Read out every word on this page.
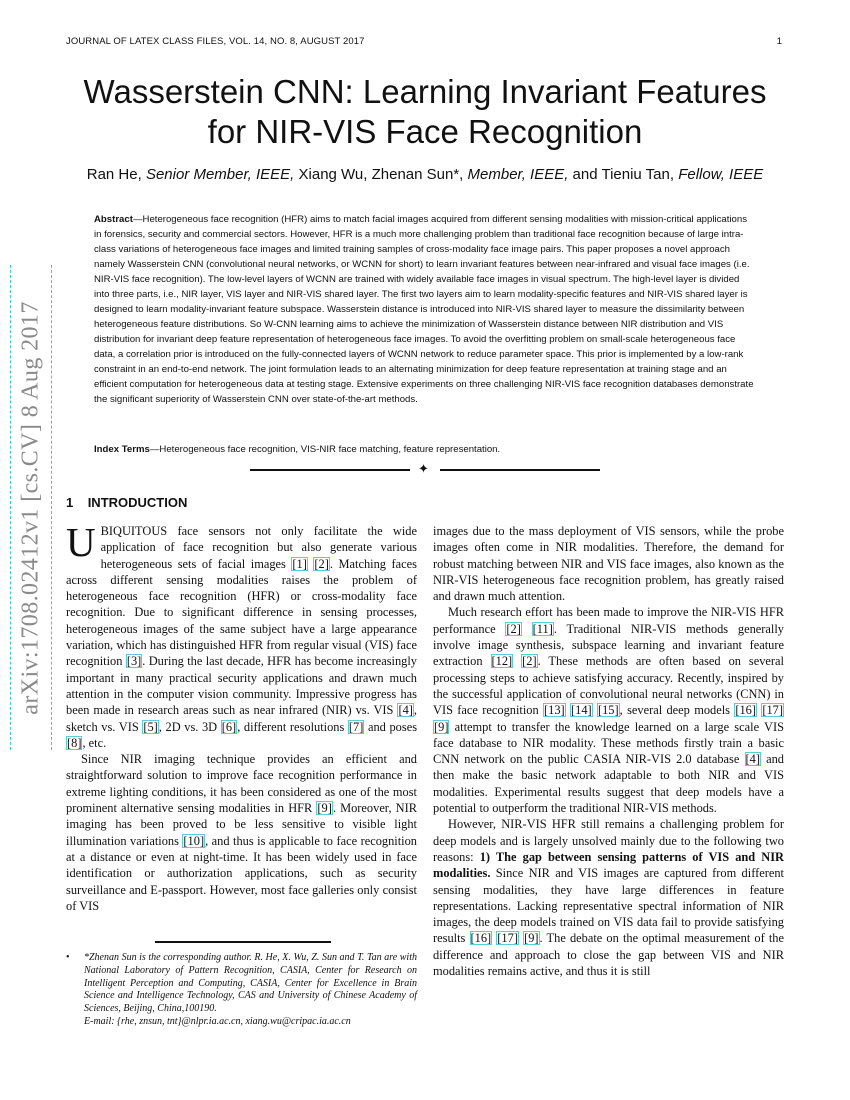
JOURNAL OF LATEX CLASS FILES, VOL. 14, NO. 8, AUGUST 2017	1
Wasserstein CNN: Learning Invariant Features for NIR-VIS Face Recognition
Ran He, Senior Member, IEEE, Xiang Wu, Zhenan Sun*, Member, IEEE, and Tieniu Tan, Fellow, IEEE

Abstract—Heterogeneous face recognition (HFR) aims to match facial images acquired from different sensing modalities with mission-critical applications in forensics, security and commercial sectors. However, HFR is a much more challenging problem than traditional face recognition because of large intra-class variations of heterogeneous face images and limited training samples of cross-modality face image pairs. This paper proposes a novel approach namely Wasserstein CNN (convolutional neural networks, or WCNN for short) to learn invariant features between near-infrared and visual face images (i.e. NIR-VIS face recognition). The low-level layers of WCNN are trained with widely available face images in visual spectrum. The high-level layer is divided into three parts, i.e., NIR layer, VIS layer and NIR-VIS shared layer. The first two layers aim to learn modality-specific features and NIR-VIS shared layer is designed to learn modality-invariant feature subspace. Wasserstein distance is introduced into NIR-VIS shared layer to measure the dissimilarity between heterogeneous feature distributions. So W-CNN learning aims to achieve the minimization of Wasserstein distance between NIR distribution and VIS distribution for invariant deep feature representation of heterogeneous face images. To avoid the overfitting problem on small-scale heterogeneous face data, a correlation prior is introduced on the fully-connected layers of WCNN network to reduce parameter space. This prior is implemented by a low-rank constraint in an end-to-end network. The joint formulation leads to an alternating minimization for deep feature representation at training stage and an efficient computation for heterogeneous data at testing stage. Extensive experiments on three challenging NIR-VIS face recognition databases demonstrate the significant superiority of Wasserstein CNN over state-of-the-art methods.

Index Terms—Heterogeneous face recognition, VIS-NIR face matching, feature representation.

✦
arXiv:1708.02412v1 [cs.CV] 8 Aug 2017 1 INTRODUCTION

UBIQUITOUS face sensors not only facilitate the wide application of face recognition but also generate various heterogeneous sets of facial images [1] [2]. Matching faces across different sensing modalities raises the problem of heterogeneous face recognition (HFR) or cross-modality face recognition. Due to significant difference in sensing processes, heterogeneous images of the same subject have a large appearance variation, which has distinguished HFR from regular visual (VIS) face recognition [3]. During the last decade, HFR has become increasingly important in many practical security applications and drawn much attention in the computer vision community. Impressive progress has been made in research areas such as near infrared (NIR) vs. VIS [4], sketch vs. VIS [5], 2D vs. 3D [6], different resolutions [7] and poses [8], etc.

Since NIR imaging technique provides an efficient and straightforward solution to improve face recognition performance in extreme lighting conditions, it has been considered as one of the most prominent alternative sensing modalities in HFR [9]. Moreover, NIR imaging has been proved to be less sensitive to visible light illumination variations [10], and thus is applicable to face recognition at a distance or even at night-time. It has been widely used in face identification or authorization applications, such as security surveillance and E-passport. However, most face galleries only consist of VIS

images due to the mass deployment of VIS sensors, while the probe images often come in NIR modalities. Therefore, the demand for robust matching between NIR and VIS face images, also known as the NIR-VIS heterogeneous face recognition problem, has greatly raised and drawn much attention.

Much research effort has been made to improve the NIR-VIS HFR performance [2] [11]. Traditional NIR-VIS methods generally involve image synthesis, subspace learning and invariant feature extraction [12] [2]. These methods are often based on several processing steps to achieve satisfying accuracy. Recently, inspired by the successful application of convolutional neural networks (CNN) in VIS face recognition [13] [14] [15], several deep models [16] [17] [9] attempt to transfer the knowledge learned on a large scale VIS face database to NIR modality. These methods firstly train a basic CNN network on the public CASIA NIR-VIS 2.0 database [4] and then make the basic network adaptable to both NIR and VIS modalities. Experimental results suggest that deep models have a potential to outperform the traditional NIR-VIS methods.

However, NIR-VIS HFR still remains a challenging problem for deep models and is largely unsolved mainly due to the following two reasons: 1) The gap between sensing patterns of VIS and NIR modalities. Since NIR and VIS images are captured from different sensing modalities, they have large differences in feature representations. Lacking representative spectral information of NIR images, the deep models trained on VIS data fail to provide satisfying results [16] [17] [9]. The debate on the optimal measurement of the difference and approach to close the gap between VIS and NIR modalities remains active, and thus it is still

• *Zhenan Sun is the corresponding author. R. He, X. Wu, Z. Sun and T. Tan are with National Laboratory of Pattern Recognition, CASIA, Center for Research on Intelligent Perception and Computing, CASIA, Center for Excellence in Brain Science and Intelligence Technology, CAS and University of Chinese Academy of Sciences, Beijing, China,100190.
E-mail: {rhe, znsun, tnt}@nlpr.ia.ac.cn, xiang.wu@cripac.ia.ac.cn
